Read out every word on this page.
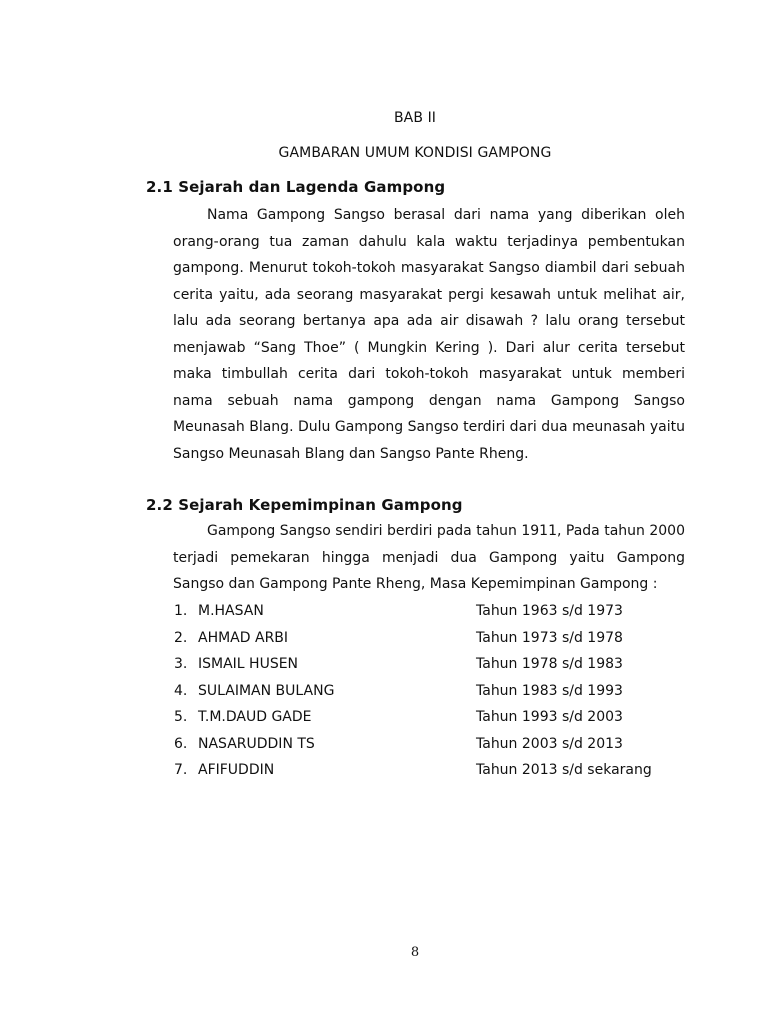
BAB II
GAMBARAN UMUM KONDISI GAMPONG
2.1 Sejarah dan Lagenda Gampong

Nama Gampong Sangso berasal dari nama yang diberikan oleh orang-orang tua zaman dahulu kala waktu terjadinya pembentukan gampong. Menurut tokoh-tokoh masyarakat Sangso diambil dari sebuah cerita yaitu, ada seorang masyarakat pergi kesawah untuk melihat air, lalu ada seorang bertanya apa ada air disawah ? lalu orang tersebut menjawab “Sang Thoe” ( Mungkin Kering ). Dari alur cerita tersebut maka timbullah cerita dari tokoh-tokoh masyarakat untuk memberi nama sebuah nama gampong dengan nama Gampong Sangso Meunasah Blang. Dulu Gampong Sangso terdiri dari dua meunasah yaitu Sangso Meunasah Blang dan Sangso Pante Rheng.

2.2 Sejarah Kepemimpinan Gampong

Gampong Sangso sendiri berdiri pada tahun 1911, Pada tahun 2000 terjadi pemekaran hingga menjadi dua Gampong yaitu Gampong Sangso dan Gampong Pante Rheng, Masa Kepemimpinan Gampong :

1. M.HASAN	Tahun 1963 s/d 1973
2. AHMAD ARBI	Tahun 1973 s/d 1978
3. ISMAIL HUSEN	Tahun 1978 s/d 1983
4. SULAIMAN BULANG	Tahun 1983 s/d 1993
5. T.M.DAUD GADE	Tahun 1993 s/d 2003
6. NASARUDDIN TS	Tahun 2003 s/d 2013
7. AFIFUDDIN	Tahun 2013 s/d sekarang
8
